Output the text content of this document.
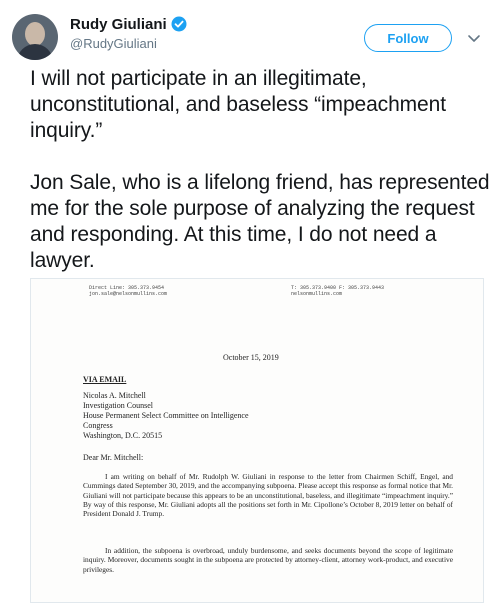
Rudy Giuliani
@RudyGiuliani	Follow
I will not participate in an illegitimate, unconstitutional, and baseless “impeachment inquiry.”

Jon Sale, who is a lifelong friend, has represented me for the sole purpose of analyzing the request and responding. At this time, I do not need a lawyer.
Direct Line: 305.373.9454
jon.sale@nelsonmullins.com
T: 305.373.9400 F: 305.373.9443
nelsonmullins.com
October 15, 2019
VIA EMAIL
Nicolas A. Mitchell
Investigation Counsel
House Permanent Select Committee on Intelligence
Congress
Washington, D.C. 20515
Dear Mr. Mitchell:
I am writing on behalf of Mr. Rudolph W. Giuliani in response to the letter from Chairmen Schiff, Engel, and Cummings dated September 30, 2019, and the accompanying subpoena. Please accept this response as formal notice that Mr. Giuliani will not participate because this appears to be an unconstitutional, baseless, and illegitimate “impeachment inquiry.” By way of this response, Mr. Giuliani adopts all the positions set forth in Mr. Cipollone’s October 8, 2019 letter on behalf of President Donald J. Trump.
In addition, the subpoena is overbroad, unduly burdensome, and seeks documents beyond the scope of legitimate inquiry. Moreover, documents sought in the subpoena are protected by attorney-client, attorney work-product, and executive privileges.
